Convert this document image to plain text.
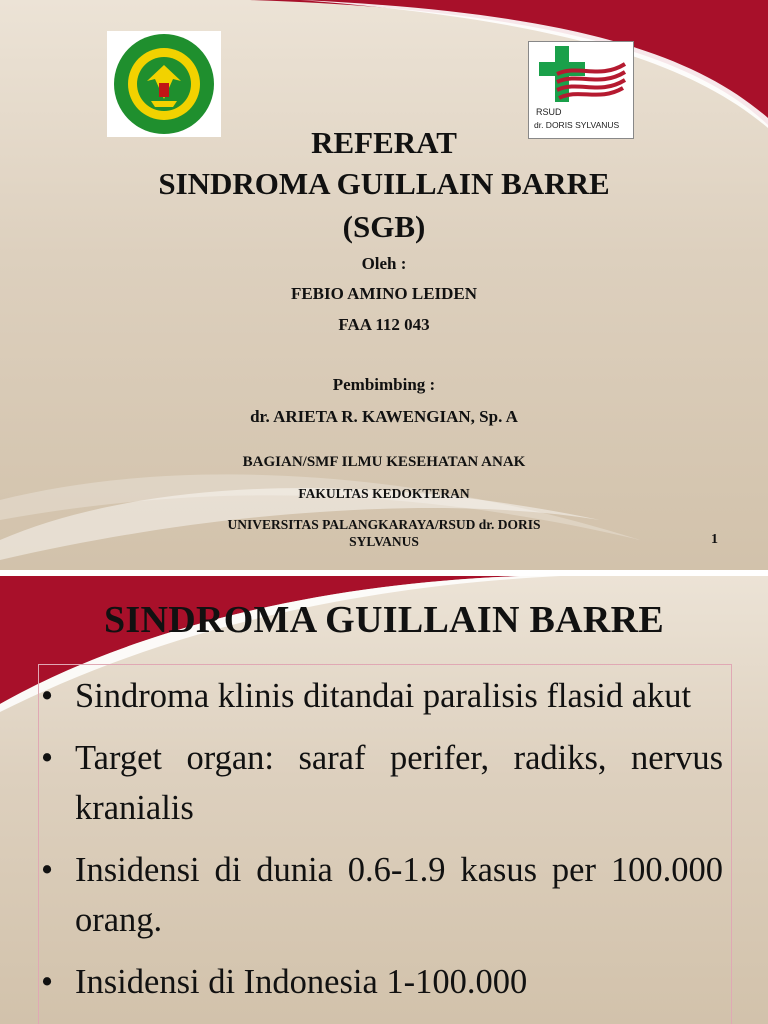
RSUD
dr. DORIS SYLVANUS
REFERAT
SINDROMA GUILLAIN BARRE
(SGB)
Oleh :
FEBIO AMINO LEIDEN
FAA 112 043
Pembimbing :
dr. ARIETA R. KAWENGIAN, Sp. A
BAGIAN/SMF ILMU KESEHATAN ANAK
FAKULTAS KEDOKTERAN
UNIVERSITAS PALANGKARAYA/RSUD dr. DORIS
SYLVANUS	1
SINDROMA GUILLAIN BARRE
• Sindroma klinis ditandai paralisis flasid akut
• Target organ: saraf perifer, radiks, nervus kranialis
• Insidensi di dunia 0.6-1.9 kasus per 100.000 orang.
• Insidensi di Indonesia 1-100.000
